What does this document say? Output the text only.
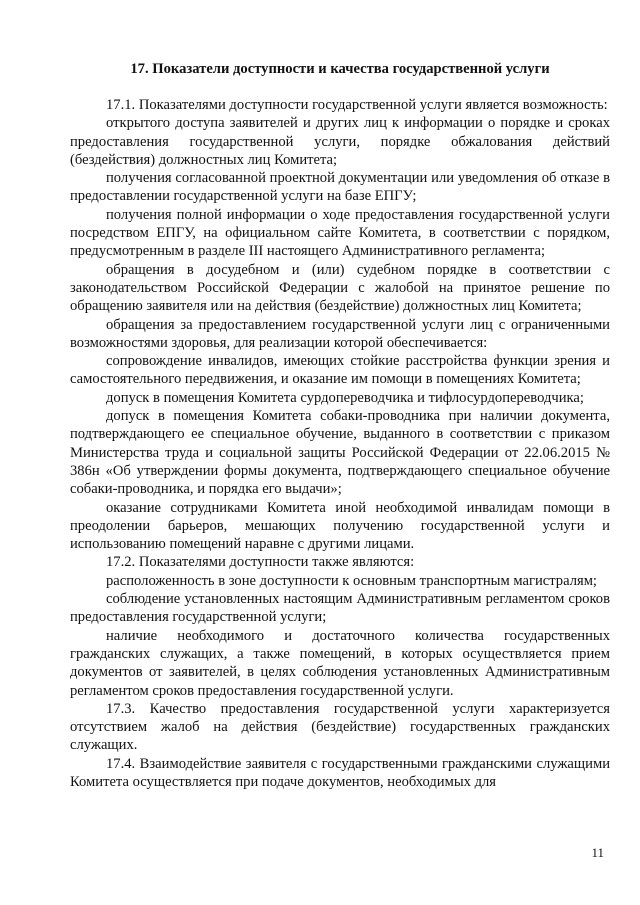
17. Показатели доступности и качества государственной услуги

17.1. Показателями доступности государственной услуги является возможность:

открытого доступа заявителей и других лиц к информации о порядке и сроках предоставления государственной услуги, порядке обжалования действий (бездействия) должностных лиц Комитета;

получения согласованной проектной документации или уведомления об отказе в предоставлении государственной услуги на базе ЕПГУ;

получения полной информации о ходе предоставления государственной услуги посредством ЕПГУ, на официальном сайте Комитета, в соответствии с порядком, предусмотренным в разделе III настоящего Административного регламента;

обращения в досудебном и (или) судебном порядке в соответствии с законодательством Российской Федерации с жалобой на принятое решение по обращению заявителя или на действия (бездействие) должностных лиц Комитета;

обращения за предоставлением государственной услуги лиц с ограниченными возможностями здоровья, для реализации которой обеспечивается:

сопровождение инвалидов, имеющих стойкие расстройства функции зрения и самостоятельного передвижения, и оказание им помощи в помещениях Комитета;

допуск в помещения Комитета сурдопереводчика и тифлосурдопереводчика;

допуск в помещения Комитета собаки-проводника при наличии документа, подтверждающего ее специальное обучение, выданного в соответствии с приказом Министерства труда и социальной защиты Российской Федерации от 22.06.2015 № 386н «Об утверждении формы документа, подтверждающего специальное обучение собаки-проводника, и порядка его выдачи»;

оказание сотрудниками Комитета иной необходимой инвалидам помощи в преодолении барьеров, мешающих получению государственной услуги и использованию помещений наравне с другими лицами.

17.2. Показателями доступности также являются:

расположенность в зоне доступности к основным транспортным магистралям;

соблюдение установленных настоящим Административным регламентом сроков предоставления государственной услуги;

наличие необходимого и достаточного количества государственных гражданских служащих, а также помещений, в которых осуществляется прием документов от заявителей, в целях соблюдения установленных Административным регламентом сроков предоставления государственной услуги.

17.3. Качество предоставления государственной услуги характеризуется отсутствием жалоб на действия (бездействие) государственных гражданских служащих.

17.4. Взаимодействие заявителя с государственными гражданскими служащими Комитета осуществляется при подаче документов, необходимых для

11
